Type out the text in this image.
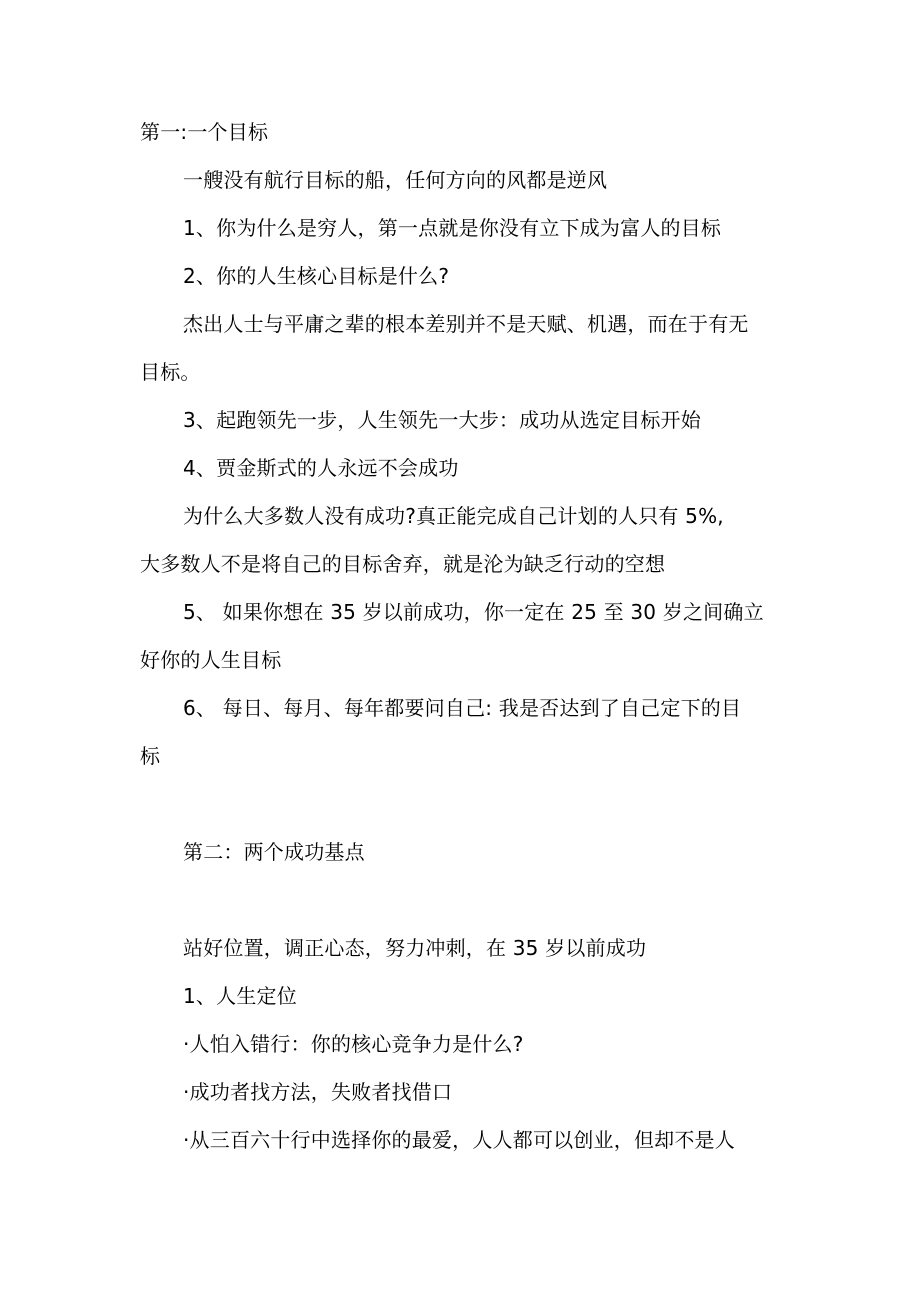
第一:一个目标
一艘没有航行目标的船，任何方向的风都是逆风
1、你为什么是穷人，第一点就是你没有立下成为富人的目标
2、你的人生核心目标是什么?
杰出人士与平庸之辈的根本差别并不是天赋、机遇，而在于有无
目标。
3、起跑领先一步，人生领先一大步：成功从选定目标开始
4、贾金斯式的人永远不会成功
为什么大多数人没有成功?真正能完成自己计划的人只有 5%,
大多数人不是将自己的目标舍弃，就是沦为缺乏行动的空想
5、 如果你想在 35 岁以前成功，你一定在 25 至 30 岁之间确立
好你的人生目标
6、 每日、每月、每年都要问自己: 我是否达到了自己定下的目
标
第二：两个成功基点
站好位置，调正心态，努力冲刺，在 35 岁以前成功
1、人生定位
·人怕入错行：你的核心竞争力是什么?
·成功者找方法，失败者找借口
·从三百六十行中选择你的最爱，人人都可以创业，但却不是人
